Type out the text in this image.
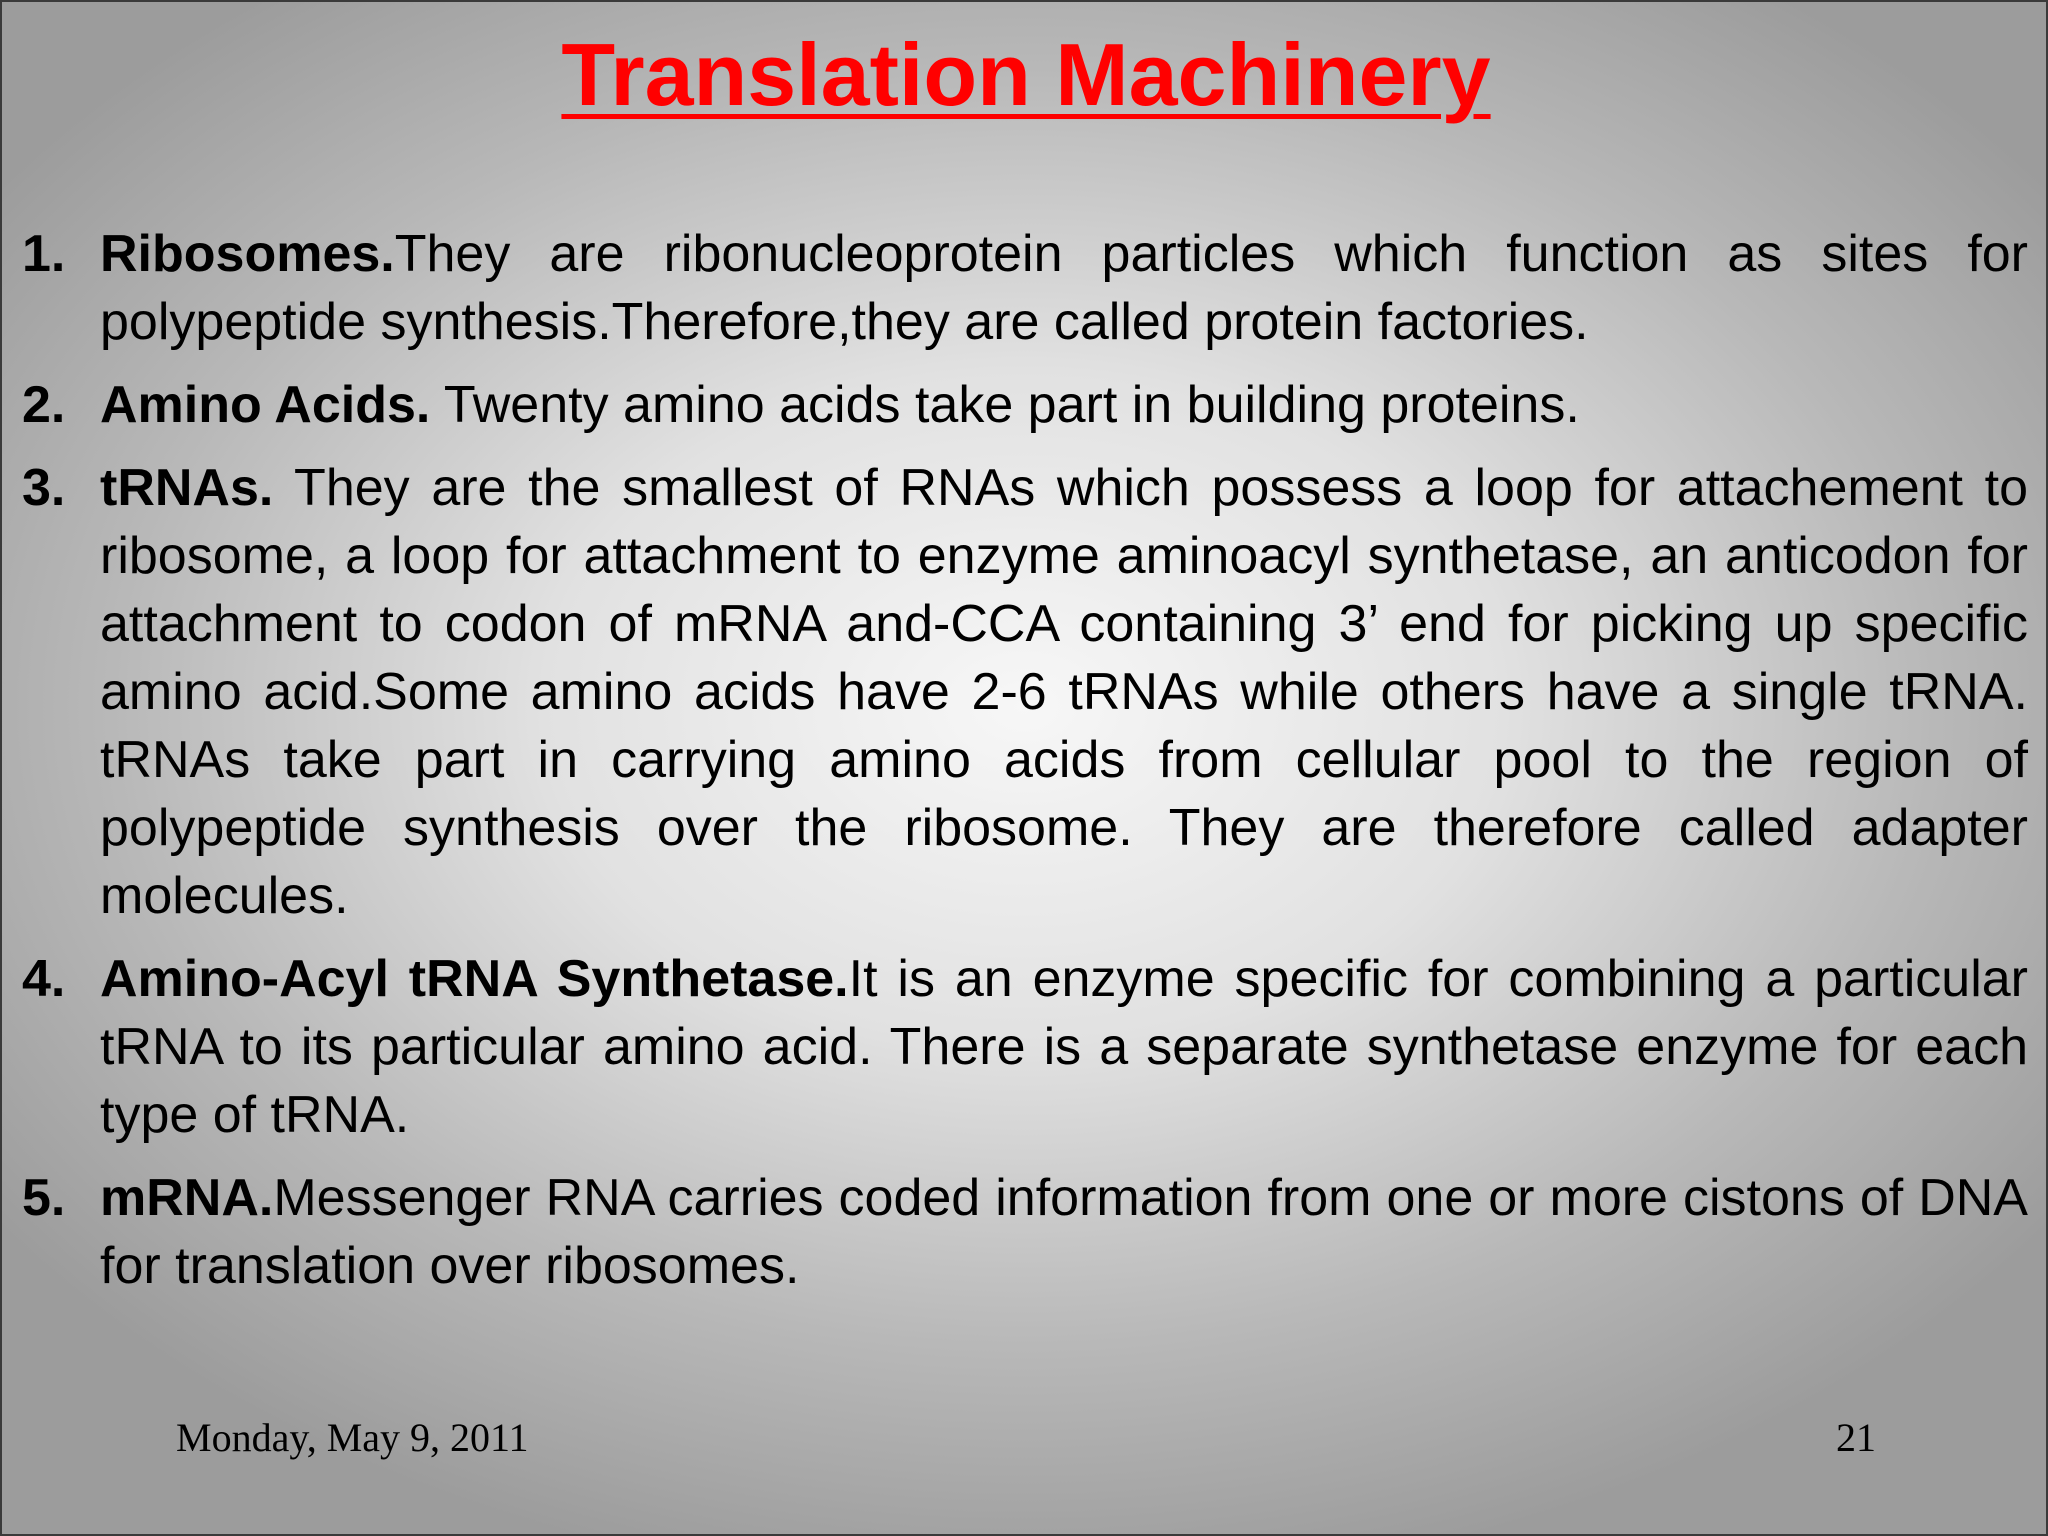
Translation Machinery
1. Ribosomes.They are ribonucleoprotein particles which function as sites for polypeptide synthesis.Therefore,they are called protein factories.
2. Amino Acids. Twenty amino acids take part in building proteins.
3. tRNAs. They are the smallest of RNAs which possess a loop for attachement to ribosome, a loop for attachment to enzyme aminoacyl synthetase, an anticodon for attachment to codon of mRNA and-CCA containing 3’ end for picking up specific amino acid.Some amino acids have 2-6 tRNAs while others have a single tRNA. tRNAs take part in carrying amino acids from cellular pool to the region of polypeptide synthesis over the ribosome. They are therefore called adapter molecules.
4. Amino-Acyl tRNA Synthetase.It is an enzyme specific for combining a particular tRNA to its particular amino acid. There is a separate synthetase enzyme for each type of tRNA.
5. mRNA.Messenger RNA carries coded information from one or more cistons of DNA for translation over ribosomes.
Monday, May 9, 2011	21
